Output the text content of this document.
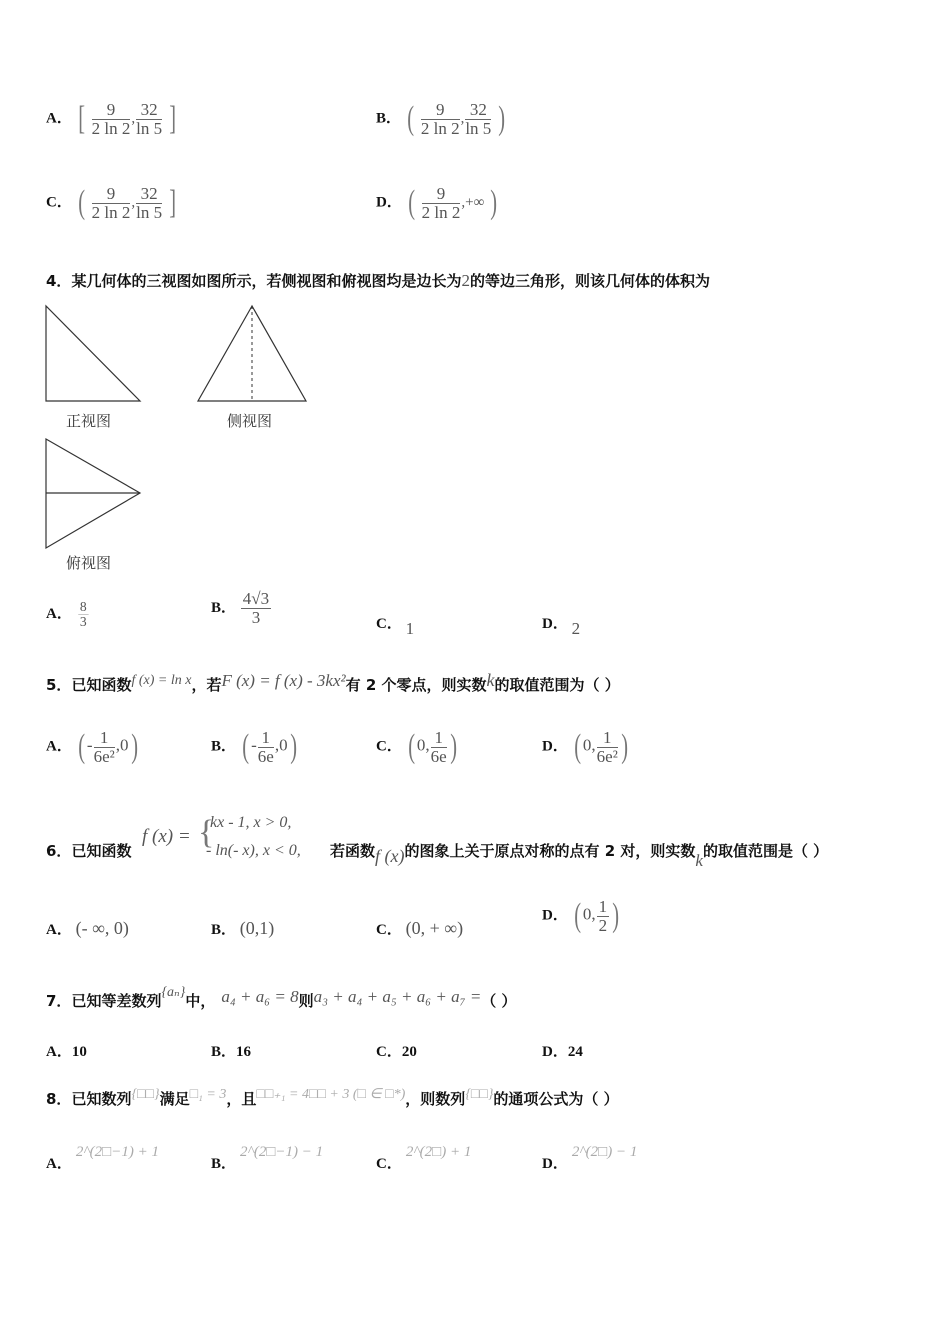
A． [ $\frac{9}{2 \ln 2}$ , $\frac{32}{\ln 5}$ ]	B． ( $\frac{9}{2 \ln 2}$ , $\frac{32}{\ln 5}$ )
C． ( $\frac{9}{2 \ln 2}$ , $\frac{32}{\ln 5}$ ]	D． ( $\frac{9}{2 \ln 2}$ ,+∞ )
4．某几何体的三视图如图所示，若侧视图和俯视图均是边长为2的等边三角形，则该几何体的体积为
正视图	侧视图
俯视图
A． $\frac{8}{3}$	B． $\frac{4√3}{3}$	C． 1	D． 2
5．已知函数f (x) = ln x，若F (x) = f (x) - 3kx²有 2 个零点，则实数k的取值范围为（ ）
A． ( - $\frac{1}{\text{6e²}} ,0$)	B． ( - $\frac{1}{6e} ,0$)	C． ( 0, $\frac{1}{6e}$ )	D． ( 0, $\frac{1}{\text{6e²}}$ )
6．已知函数
f (x) = {
kx - 1, x > 0,
- ln(- x), x < 0, 若函数f (x)的图象上关于原点对称的点有 2 对，则实数k的取值范围是（ ）
A． (- ∞, 0)	B． (0,1)	C． (0, + ∞)
D． ( 0, $\frac{1}{2}$ )
7．已知等差数列{aₙ}中， a₄ + a₆ = 8则a₃ + a₄ + a₅ + a₆ + a₇ =（ ）
A．10	B．16	C．20	D．24
8．已知数列{□□}满足□₁ = 3，且□□₊₁ = 4□□ + 3 (□ ∈ □*)，则数列{□□}的通项公式为（ ）
A．2^(2□−1) + 1
B．2^(2□−1) − 1
C．2^(2□) + 1
D．2^(2□) − 1
